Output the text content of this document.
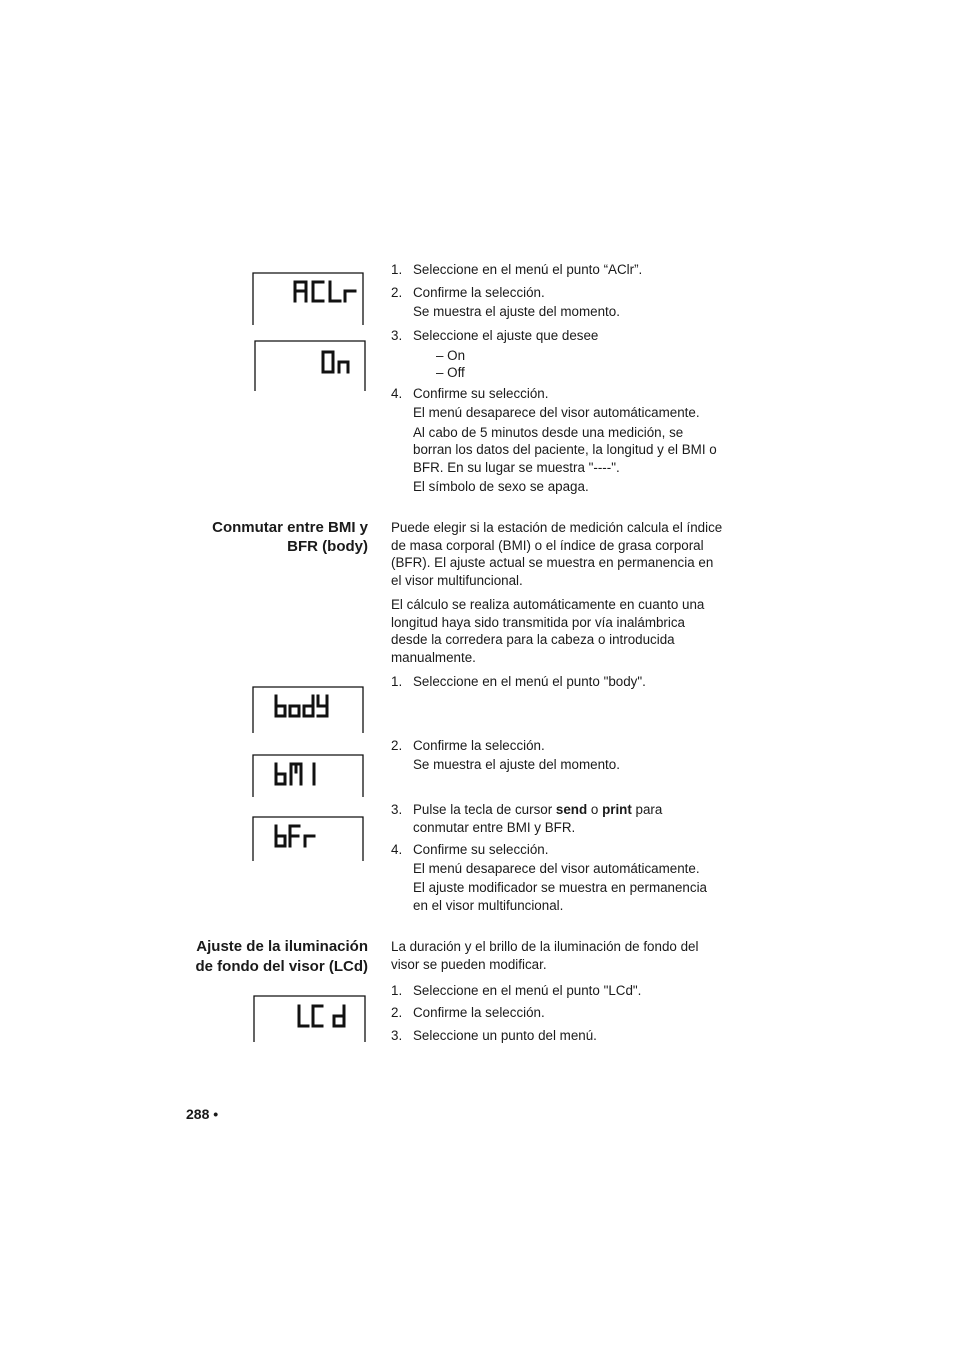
1. Seleccione en el menú el punto “AClr”.
2. Confirme la selección.
Se muestra el ajuste del momento.
3. Seleccione el ajuste que desee
– On
– Off
4. Confirme su selección.
El menú desaparece del visor automáticamente.
Al cabo de 5 minutos desde una medición, se
borran los datos del paciente, la longitud y el BMI o
BFR. En su lugar se muestra "----".
El símbolo de sexo se apaga.
Conmutar entre BMI y
BFR (body)
Puede elegir si la estación de medición calcula el índice
de masa corporal (BMI) o el índice de grasa corporal
(BFR). El ajuste actual se muestra en permanencia en
el visor multifuncional.
El cálculo se realiza automáticamente en cuanto una
longitud haya sido transmitida por vía inalámbrica
desde la corredera para la cabeza o introducida
manualmente.
1. Seleccione en el menú el punto "body".
2. Confirme la selección.
Se muestra el ajuste del momento.
3. Pulse la tecla de cursor send o print para
conmutar entre BMI y BFR.
4. Confirme su selección.
El menú desaparece del visor automáticamente.
El ajuste modificador se muestra en permanencia
en el visor multifuncional.
Ajuste de la iluminación
de fondo del visor (LCd)
La duración y el brillo de la iluminación de fondo del
visor se pueden modificar.
1. Seleccione en el menú el punto "LCd".
2. Confirme la selección.
3. Seleccione un punto del menú.
288 •
